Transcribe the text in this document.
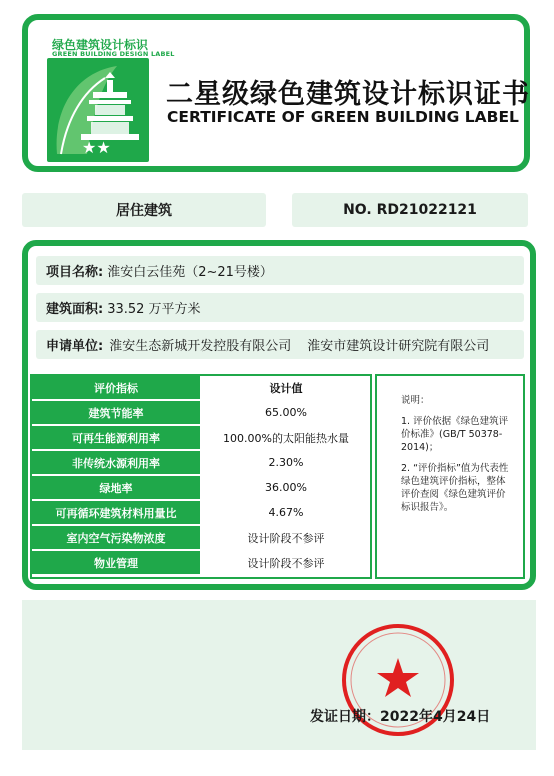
绿色建筑设计标识
GREEN BUILDING DESIGN LABEL
★★
二星级绿色建筑设计标识证书
CERTIFICATE OF GREEN BUILDING LABEL
居住建筑	NO. RD21022121
项目名称: 淮安白云佳苑（2~21号楼）
建筑面积: 33.52 万平方米
申请单位: 淮安生态新城开发控股有限公司 淮安市建筑设计研究院有限公司
评价指标	设计值
建筑节能率	65.00%
可再生能源利用率	100.00%的太阳能热水量
非传统水源利用率	2.30%
绿地率	36.00%
可再循环建筑材料用量比	4.67%
室内空气污染物浓度	设计阶段不参评
物业管理	设计阶段不参评

说明：

1. 评价依据《绿色建筑评价标准》(GB/T 50378-2014)；

2. “评价指标”值为代表性绿色建筑评价指标，整体评价查阅《绿色建筑评价标识报告》。

发证日期：2022年4月24日
